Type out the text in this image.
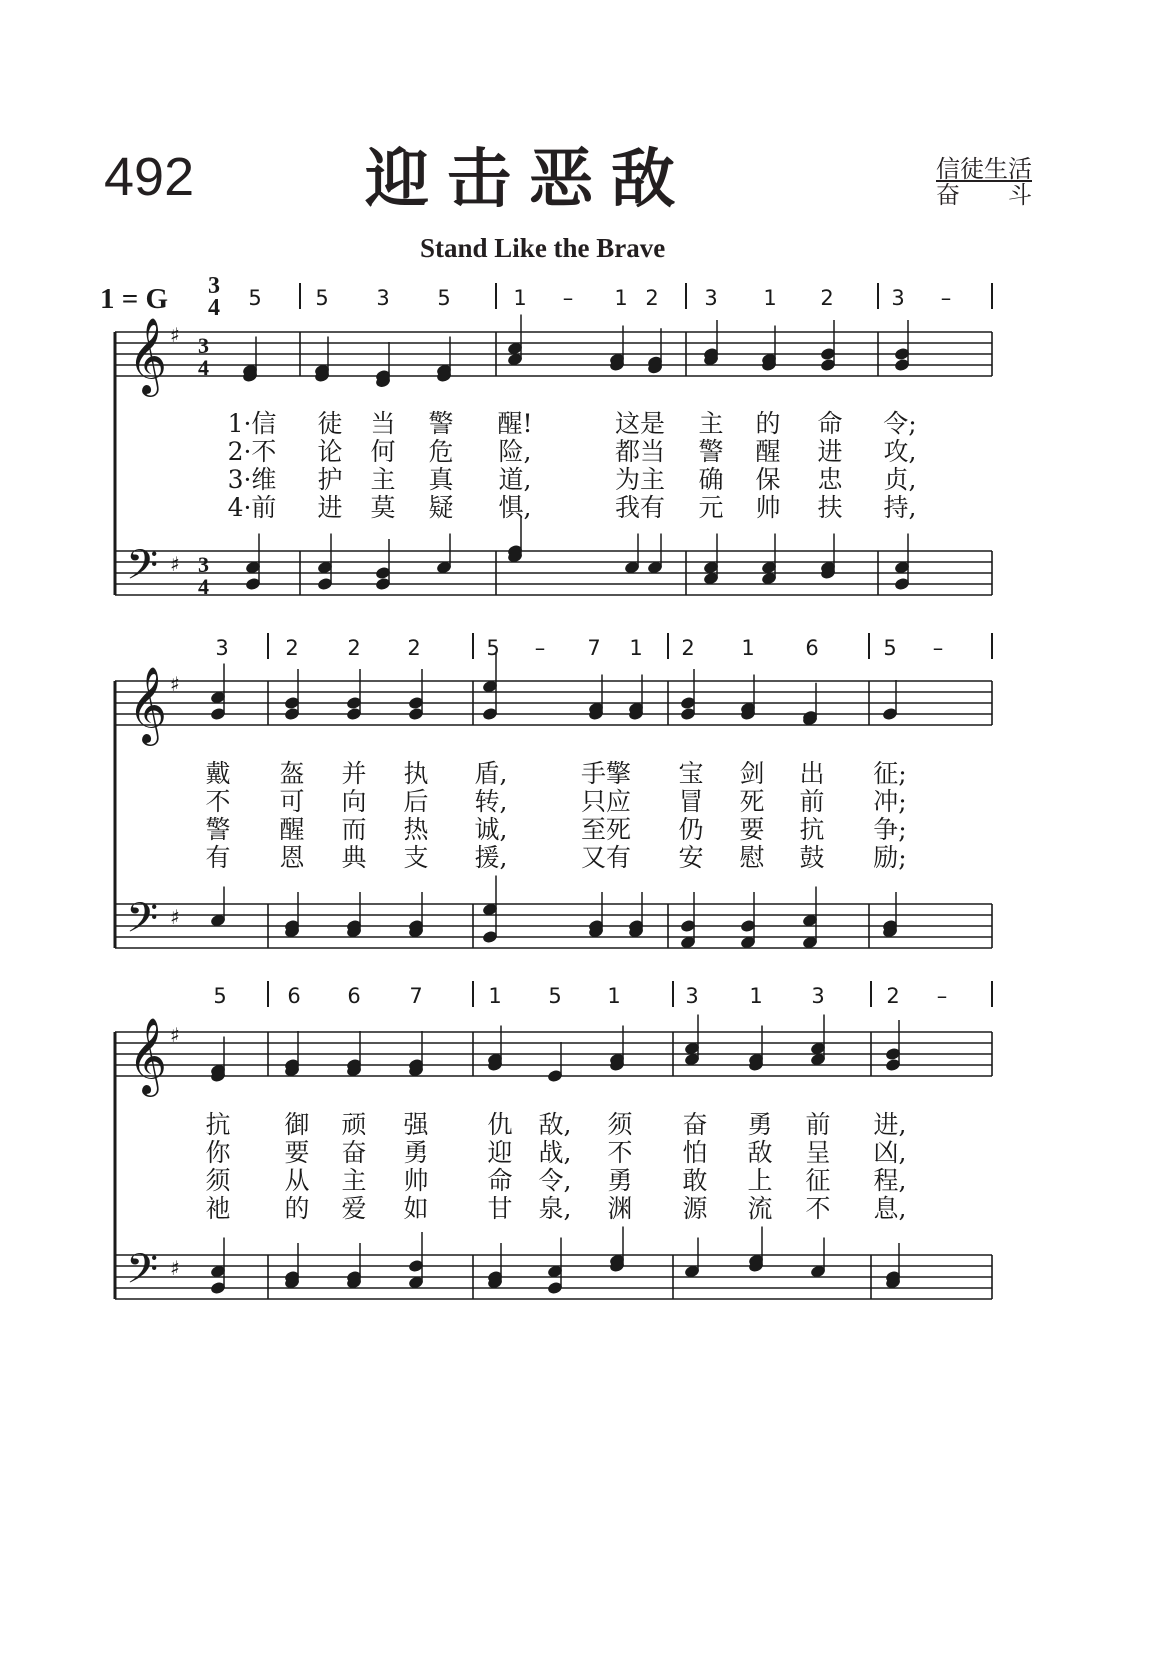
492	迎击恶敌
Stand Like the Brave
信徒生活
奋斗
1 = G 3
4 5	5 3 5	1 – 1 2 3 1 2	3 –
𝄞
𝄢
♯
♯
3
4
3
4
1·信 徒 当 警 醒!	这是 主 的 命 令;
2·不 论 何 危 险,	都当 警 醒 进 攻,
3·维 护 主 真 道,	为主 确 保 忠 贞,
4·前 进 莫 疑 惧,	我有 元 帅 扶 持,
3	2 2 2	5 – 7 1 2 1 6	5 –
𝄞
𝄢
♯
♯
戴 盔 并 执 盾,	手擎 宝 剑 出 征;
不 可 向 后 转,	只应 冒 死 前 冲;
警 醒 而 热 诚,	至死 仍 要 抗 争;
有 恩 典 支 援,	又有 安 慰 鼓 励;
5	6 6 7	1 5 1	3 1 3	2 –
𝄞
𝄢
♯
♯
抗 御 顽 强 仇 敌, 须 奋 勇 前 进,
你 要 奋 勇 迎 战, 不 怕 敌 呈 凶,
须 从 主 帅 命 令, 勇 敢 上 征 程,
祂 的 爱 如 甘 泉, 渊 源 流 不 息,
